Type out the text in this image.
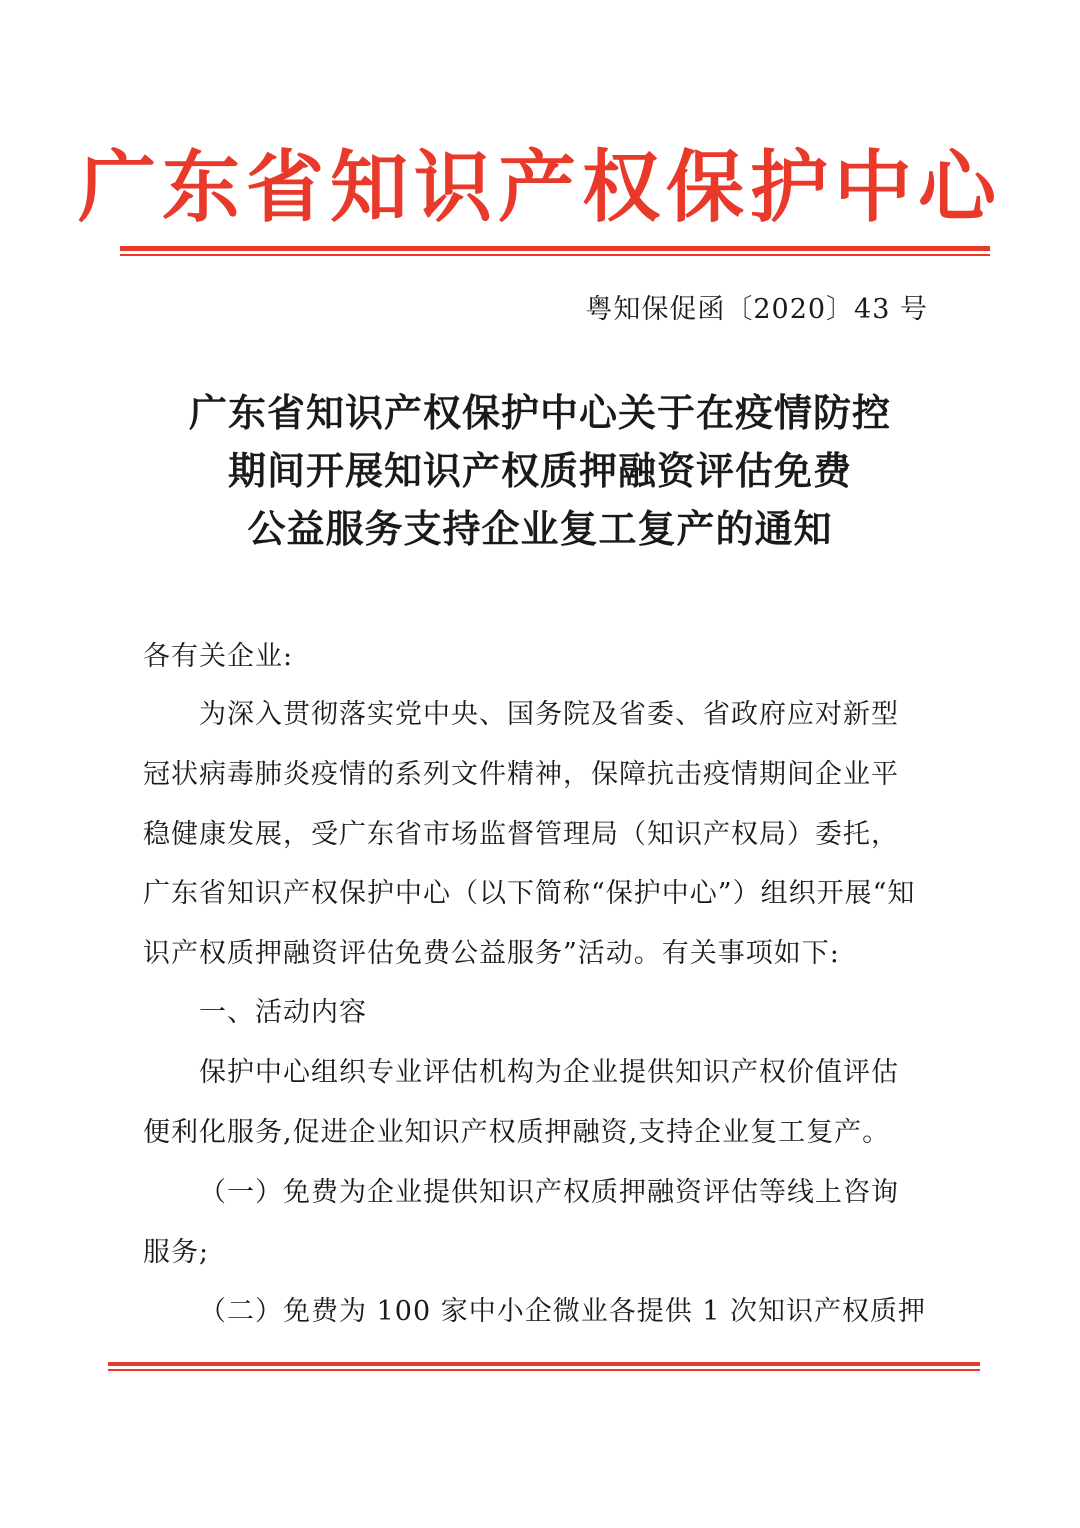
广东省知识产权保护中心
粤知保促函〔2020〕43 号
广东省知识产权保护中心关于在疫情防控
期间开展知识产权质押融资评估免费
公益服务支持企业复工复产的通知
各有关企业:
为深入贯彻落实党中央、国务院及省委、省政府应对新型
冠状病毒肺炎疫情的系列文件精神，保障抗击疫情期间企业平
稳健康发展，受广东省市场监督管理局（知识产权局）委托，
广东省知识产权保护中心（以下简称“保护中心”）组织开展“知
识产权质押融资评估免费公益服务”活动。有关事项如下:
一、活动内容
保护中心组织专业评估机构为企业提供知识产权价值评估
便利化服务,促进企业知识产权质押融资,支持企业复工复产。
（一）免费为企业提供知识产权质押融资评估等线上咨询
服务;
（二）免费为 100 家中小企微业各提供 1 次知识产权质押
